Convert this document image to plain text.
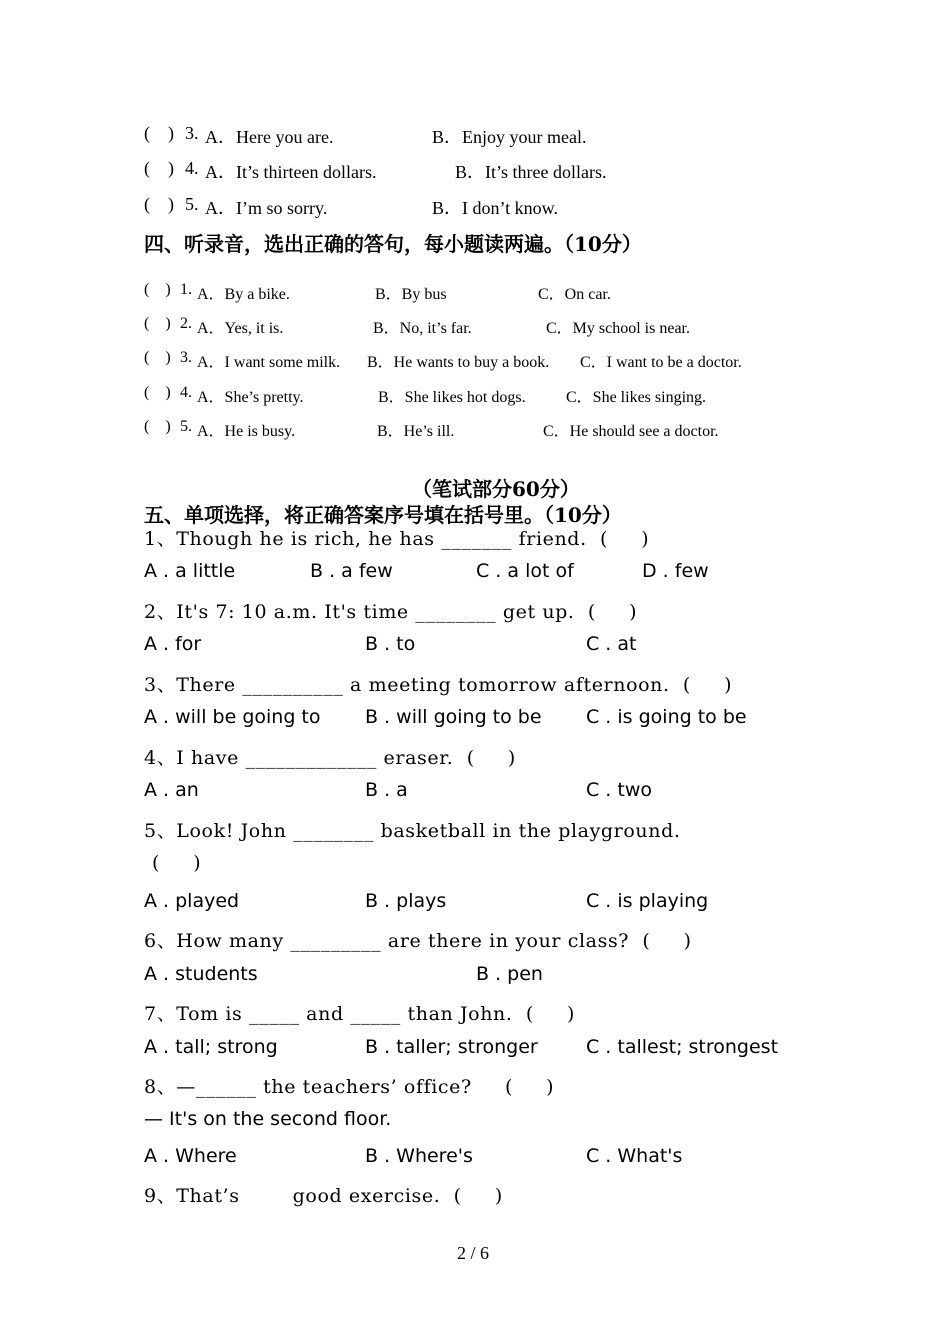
(    ) 3. A．Here you are.	B．Enjoy your meal.
(    ) 4. A．It’s thirteen dollars.	B．It’s three dollars.
(    ) 5. A．I’m so sorry.	B．I don’t know.
四、听录音，选出正确的答句，每小题读两遍。（10分）
(    ) 1. A．By a bike.	B．By bus	C．On car.
(    ) 2. A．Yes, it is.	B．No, it’s far.	C．My school is near.
(    ) 3. A．I want some milk. B．He wants to buy a book. C．I want to be a doctor.
(    ) 4. A．She’s pretty.	B．She likes hot dogs.	C．She likes singing.
(    ) 5. A．He is busy.	B．He’s ill.	C．He should see a doctor.
（笔试部分60分）
五、单项选择，将正确答案序号填在括号里。（10分）
1、Though he is rich, he has _______ friend.  (     )
A . a little	B . a few	C . a lot of	D . few
2、It's 7: 10 a.m. It's time ________ get up.  (     )
A . for	B . to	C . at
3、There __________ a meeting tomorrow afternoon.  (     )
A . will be going to B . will going to be C . is going to be
4、I have _____________ eraser.  (     )
A . an	B . a	C . two
5、Look! John ________ basketball in the playground.
(     )
A . played	B . plays	C . is playing
6、How many _________ are there in your class?  (     )
A . students	B . pen
7、Tom is _____ and _____ than John.  (     )
A . tall; strong	B . taller; stronger	C . tallest; strongest
8、—______ the teachers’ office?     (     )
— It's on the second floor.
A . Where	B . Where's	C . What's
9、That’s        good exercise.  (     )
2 / 6
